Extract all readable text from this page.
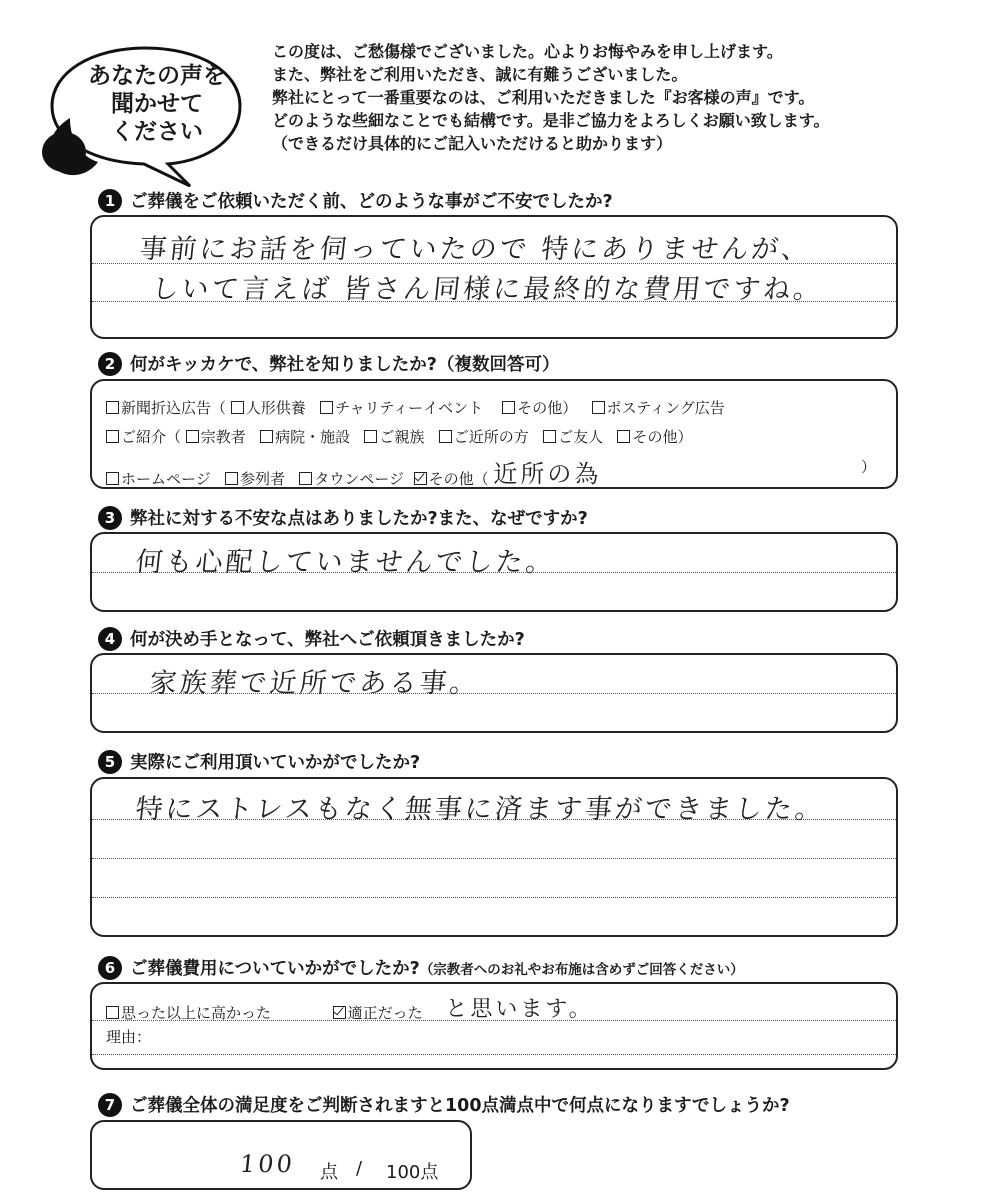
あなたの声を
聞かせて
ください
この度は、ご愁傷様でございました。心よりお悔やみを申し上げます。
また、弊社をご利用いただき、誠に有難うございました。
弊社にとって一番重要なのは、ご利用いただきました『お客様の声』です。
どのような些細なことでも結構です。是非ご協力をよろしくお願い致します。
（できるだけ具体的にご記入いただけると助かります）
1 ご葬儀をご依頼いただく前、どのような事がご不安でしたか?
事前にお話を伺っていたので 特にありませんが、
しいて言えば 皆さん同様に最終的な費用ですね。
2 何がキッカケで、弊社を知りましたか?（複数回答可）
新聞折込広告（ 人形供養 チャリティーイベント その他） ポスティング広告
ご紹介（ 宗教者 病院・施設 ご親族 ご近所の方 ご友人 その他）
ホームページ 参列者 タウンページ その他（ 近所の為	）
3 弊社に対する不安な点はありましたか?また、なぜですか?
何も心配していませんでした。
4 何が決め手となって、弊社へご依頼頂きましたか?
家族葬で近所である事。
5 実際にご利用頂いていかがでしたか?
特にストレスもなく無事に済ます事ができました。
6 ご葬儀費用についていかがでしたか? （宗教者へのお礼やお布施は含めずご回答ください）
思った以上に高かった	適正だった と思います。
理由：
7 ご葬儀全体の満足度をご判断されますと100点満点中で何点になりますでしょうか?
100 点 / 100点
